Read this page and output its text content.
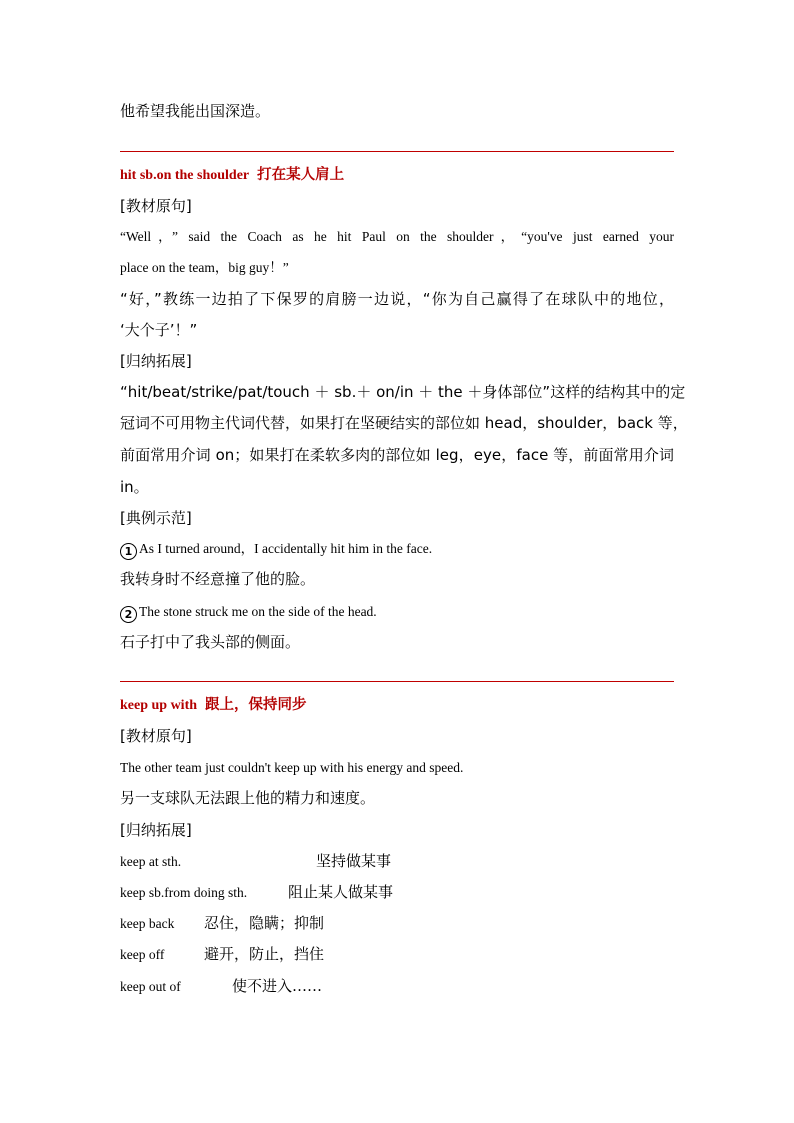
他希望我能出国深造。
hit sb.on the shoulder 打在某人肩上
[教材原句]
“Well，” said the Coach as he hit Paul on the shoulder，“you've just earned your
place on the team，big guy！”
“好，”教练一边拍了下保罗的肩膀一边说，“你为自己赢得了在球队中的地位，
‘大个子’！”
[归纳拓展]
“hit/beat/strike/pat/touch ＋ sb.＋ on/in ＋ the ＋身体部位”这样的结构其中的定
冠词不可用物主代词代替，如果打在坚硬结实的部位如 head，shoulder，back 等，
前面常用介词 on；如果打在柔软多肉的部位如 leg，eye，face 等，前面常用介词
in。
[典例示范]
1 As I turned around，I accidentally hit him in the face.
我转身时不经意撞了他的脸。
2 The stone struck me on the side of the head.
石子打中了我头部的侧面。
keep up with 跟上，保持同步
[教材原句]
The other team just couldn't keep up with his energy and speed.
另一支球队无法跟上他的精力和速度。
[归纳拓展]
keep at sth.	坚持做某事
keep sb.from doing sth.	阻止某人做某事
keep back 忍住，隐瞒；抑制
keep off	避开，防止，挡住
keep out of	使不进入……
